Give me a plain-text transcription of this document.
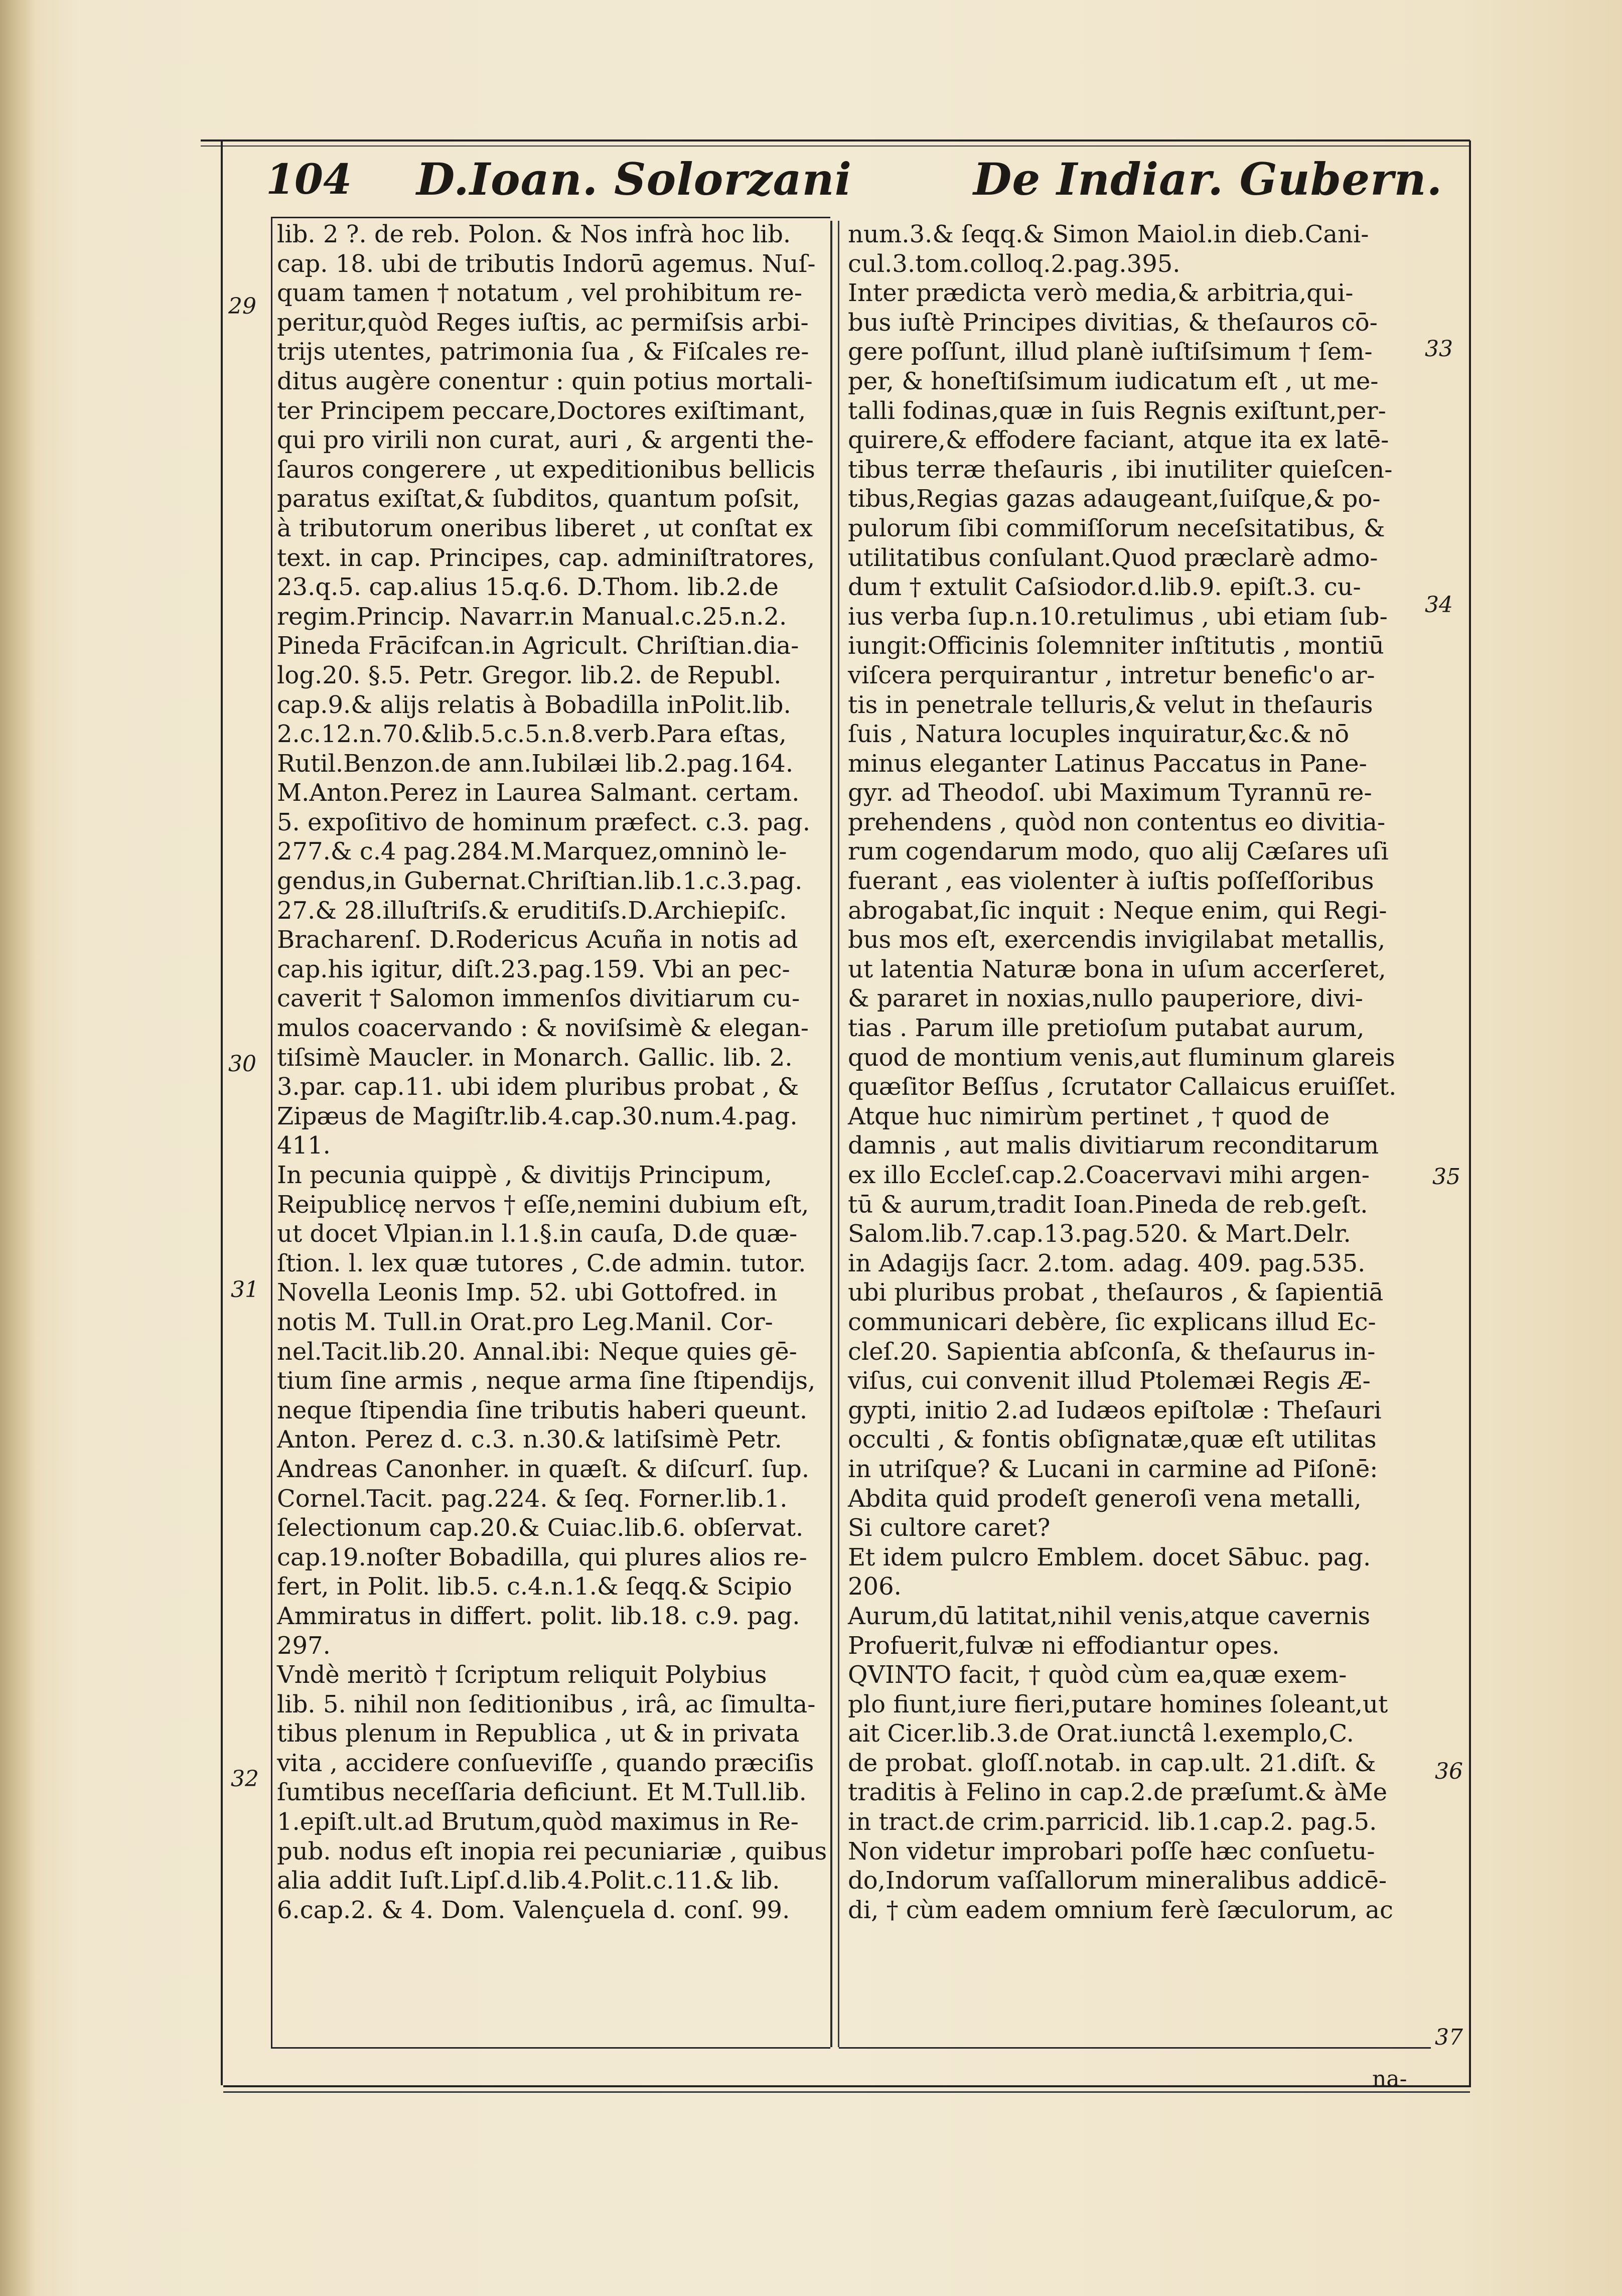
104 D.Ioan. Solorzani	De Indiar. Gubern.

lib. 2 ?. de reb. Polon. & Nos infrà hoc lib.
cap. 18. ubi de tributis Indorū agemus. Nuſ-
quam tamen † notatum , vel prohibitum re-
peritur,quòd Reges iuſtis, ac permiſsis arbi-
trijs utentes, patrimonia ſua , & Fiſcales re-
ditus augère conentur : quin potius mortali-
ter Principem peccare,Doctores exiſtimant,
qui pro virili non curat, auri , & argenti the-
ſauros congerere , ut expeditionibus bellicis
paratus exiſtat,& ſubditos, quantum poſsit,
à tributorum oneribus liberet , ut conſtat ex
text. in cap. Principes, cap. adminiſtratores,
23.q.5. cap.alius 15.q.6. D.Thom. lib.2.de
regim.Princip. Navarr.in Manual.c.25.n.2.
Pineda Frācifcan.in Agricult. Chriſtian.dia-
log.20. §.5. Petr. Gregor. lib.2. de Republ.
cap.9.& alijs relatis à Bobadilla inPolit.lib.
2.c.12.n.70.&lib.5.c.5.n.8.verb.Para eſtas,
Rutil.Benzon.de ann.Iubilæi lib.2.pag.164.
M.Anton.Perez in Laurea Salmant. certam.
5. expoſitivo de hominum præfect. c.3. pag.
277.& c.4 pag.284.M.Marquez,omninò le-
gendus,in Gubernat.Chriſtian.lib.1.c.3.pag.
27.& 28.illuſtriſs.& eruditiſs.D.Archiepiſc.
Bracharenſ. D.Rodericus Acuña in notis ad
cap.his igitur, diſt.23.pag.159. Vbi an pec-
caverit † Salomon immenſos divitiarum cu-
mulos coacervando : & noviſsimè & elegan-
tiſsimè Maucler. in Monarch. Gallic. lib. 2.
3.par. cap.11. ubi idem pluribus probat , &
Zipæus de Magiſtr.lib.4.cap.30.num.4.pag.
411.
In pecunia quippè , & divitijs Principum,
Reipublicę nervos † eſſe,nemini dubium eſt,
ut docet Vlpian.in l.1.§.in cauſa, D.de quæ-
ſtion. l. lex quæ tutores , C.de admin. tutor.
Novella Leonis Imp. 52. ubi Gottofred. in
notis M. Tull.in Orat.pro Leg.Manil. Cor-
nel.Tacit.lib.20. Annal.ibi: Neque quies gē-
tium ſine armis , neque arma ſine ſtipendijs,
neque ſtipendia ſine tributis haberi queunt.
Anton. Perez d. c.3. n.30.& latiſsimè Petr.
Andreas Canonher. in quæſt. & diſcurſ. ſup.
Cornel.Tacit. pag.224. & ſeq. Forner.lib.1.
ſelectionum cap.20.& Cuiac.lib.6. obſervat.
cap.19.noſter Bobadilla, qui plures alios re-
fert, in Polit. lib.5. c.4.n.1.& ſeqq.& Scipio
Ammiratus in differt. polit. lib.18. c.9. pag.
297.
Vndè meritò † ſcriptum reliquit Polybius
lib. 5. nihil non ſeditionibus , irâ, ac ſimulta-
tibus plenum in Republica , ut & in privata
vita , accidere conſueviſſe , quando præciſis
ſumtibus neceſſaria deficiunt. Et M.Tull.lib.
1.epiſt.ult.ad Brutum,quòd maximus in Re-
pub. nodus eſt inopia rei pecuniariæ , quibus
alia addit Iuſt.Lipſ.d.lib.4.Polit.c.11.& lib.
6.cap.2. & 4. Dom. Valençuela d. conſ. 99.
num.3.& ſeqq.& Simon Maiol.in dieb.Cani-
cul.3.tom.colloq.2.pag.395.
Inter prædicta verò media,& arbitria,qui-
bus iuſtè Principes divitias, & theſauros cō-
gere poſſunt, illud planè iuſtiſsimum † ſem-
per, & honeſtiſsimum iudicatum eſt , ut me-
talli fodinas,quæ in ſuis Regnis exiſtunt,per-
quirere,& effodere faciant, atque ita ex latē-
tibus terræ theſauris , ibi inutiliter quieſcen-
tibus,Regias gazas adaugeant,ſuiſque,& po-
pulorum ſibi commiſſorum neceſsitatibus, &
utilitatibus conſulant.Quod præclarè admo-
dum † extulit Caſsiodor.d.lib.9. epiſt.3. cu-
ius verba ſup.n.10.retulimus , ubi etiam ſub-
iungit:Officinis ſolemniter inſtitutis , montiū
viſcera perquirantur , intretur benefic'o ar-
tis in penetrale telluris,& velut in theſauris
ſuis , Natura locuples inquiratur,&c.& nō
minus eleganter Latinus Paccatus in Pane-
gyr. ad Theodoſ. ubi Maximum Tyrannū re-
prehendens , quòd non contentus eo divitia-
rum cogendarum modo, quo alij Cæſares uſi
fuerant , eas violenter à iuſtis poſſeſſoribus
abrogabat,ſic inquit : Neque enim, qui Regi-
bus mos eſt, exercendis invigilabat metallis,
ut latentia Naturæ bona in uſum accerſeret,
& pararet in noxias,nullo pauperiore, divi-
tias . Parum ille pretioſum putabat aurum,
quod de montium venis,aut fluminum glareis
quæſitor Beſſus , ſcrutator Callaicus eruiſſet.
Atque huc nimirùm pertinet , † quod de
damnis , aut malis divitiarum reconditarum
ex illo Eccleſ.cap.2.Coacervavi mihi argen-
tū & aurum,tradit Ioan.Pineda de reb.geſt.
Salom.lib.7.cap.13.pag.520. & Mart.Delr.
in Adagijs ſacr. 2.tom. adag. 409. pag.535.
ubi pluribus probat , theſauros , & ſapientiā
communicari debère, ſic explicans illud Ec-
cleſ.20. Sapientia abſconſa, & theſaurus in-
viſus, cui convenit illud Ptolemæi Regis Æ-
gypti, initio 2.ad Iudæos epiſtolæ : Theſauri
occulti , & fontis obſignatæ,quæ eſt utilitas
in utriſque? & Lucani in carmine ad Piſonē:
Abdita quid prodeſt generoſi vena metalli,
Si cultore caret?
Et idem pulcro Emblem. docet Sābuc. pag.
206.
Aurum,dū latitat,nihil venis,atque cavernis
Profuerit,fulvæ ni effodiantur opes.
QVINTO facit, † quòd cùm ea,quæ exem-
plo fiunt,iure fieri,putare homines ſoleant,ut
ait Cicer.lib.3.de Orat.iunctâ l.exemplo,C.
de probat. gloſſ.notab. in cap.ult. 21.diſt. &
traditis à Felino in cap.2.de præſumt.& àMe
in tract.de crim.parricid. lib.1.cap.2. pag.5.
Non videtur improbari poſſe hæc conſuetu-
do,Indorum vaſſallorum mineralibus addicē-
di, † cùm eadem omnium ferè ſæculorum, ac

29

30

31

32

33

34

35

36

37

na-
